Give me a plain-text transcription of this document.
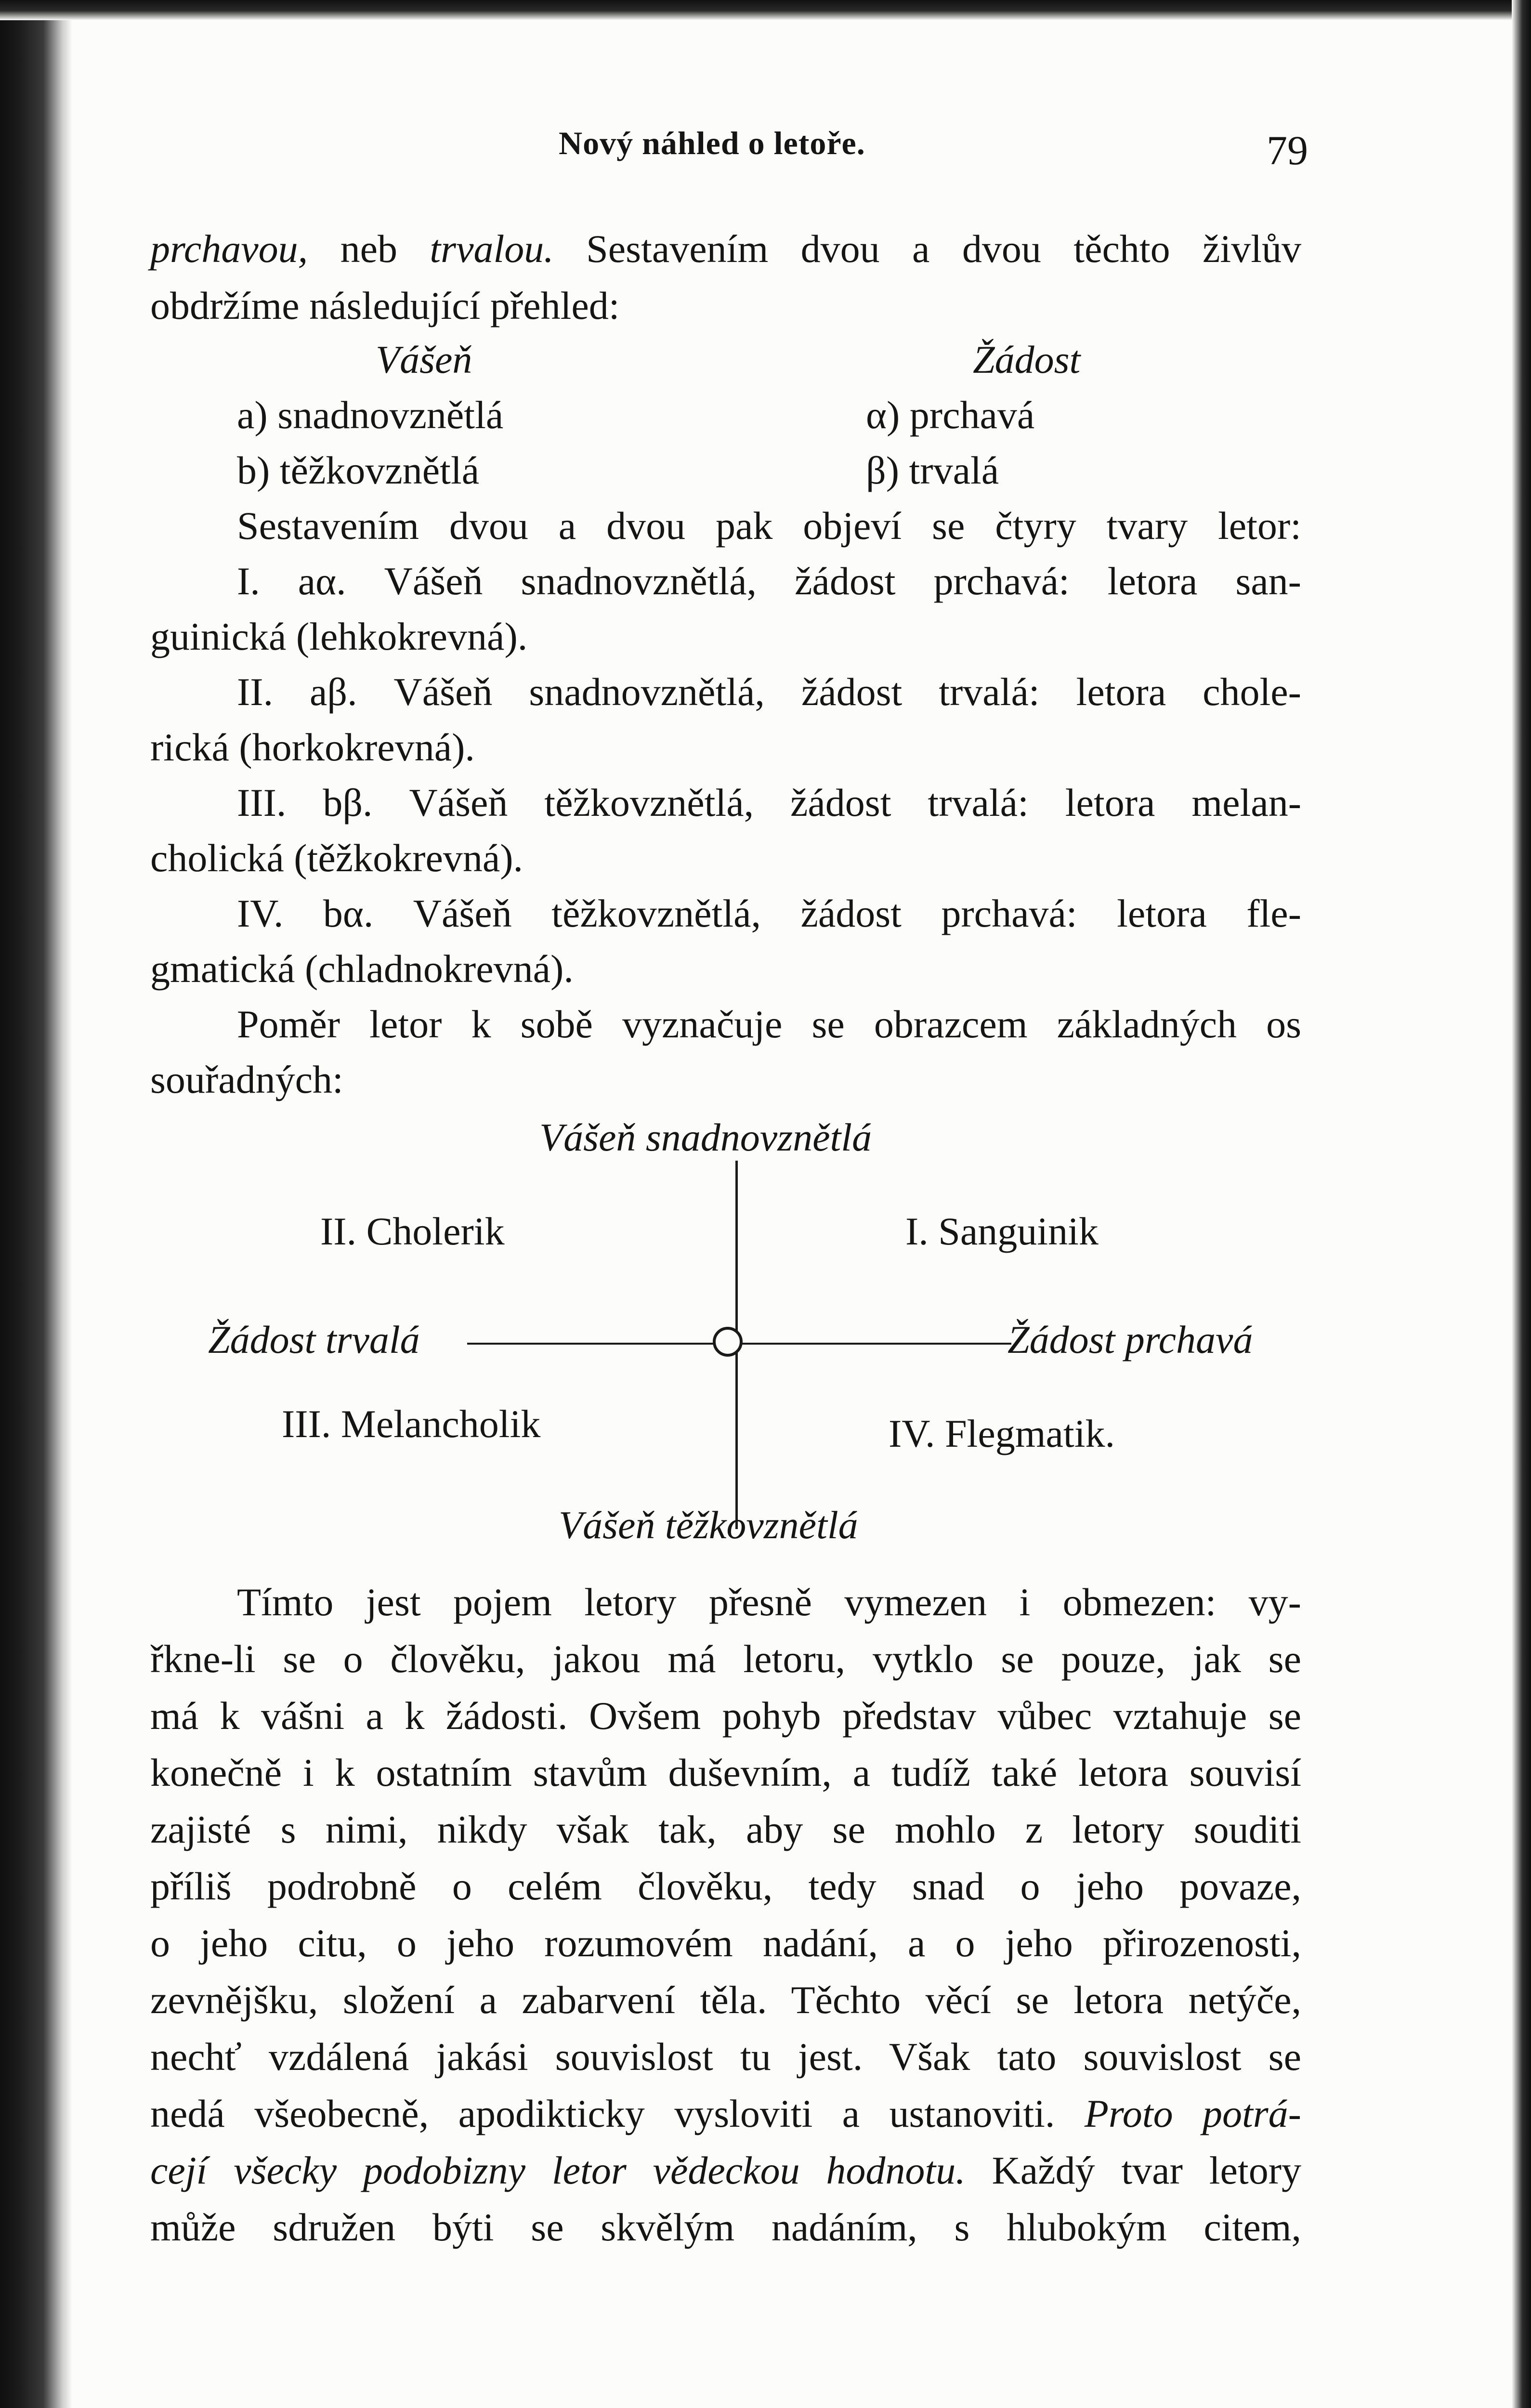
Nový náhled o letoře.	79
prchavou, neb trvalou. Sestavením dvou a dvou těchto živlův
obdržíme následující přehled:
Vášeň	Žádost
a) snadnovznětlá	α) prchavá
b) těžkovznětlá	β) trvalá
Sestavením dvou a dvou pak objeví se čtyry tvary letor:
I. aα. Vášeň snadnovznětlá, žádost prchavá: letora san-
guinická (lehkokrevná).
II. aβ. Vášeň snadnovznětlá, žádost trvalá: letora chole-
rická (horkokrevná).
III. bβ. Vášeň těžkovznětlá, žádost trvalá: letora melan-
cholická (těžkokrevná).
IV. bα. Vášeň těžkovznětlá, žádost prchavá: letora fle-
gmatická (chladnokrevná).
Poměr letor k sobě vyznačuje se obrazcem základných os
souřadných:
Vášeň snadnovznětlá
II. Cholerik	I. Sanguinik
Žádost trvalá	Žádost prchavá
III. Melancholik	IV. Flegmatik.
Vášeň těžkovznětlá
Tímto jest pojem letory přesně vymezen i obmezen: vy-
řkne-li se o člověku, jakou má letoru, vytklo se pouze, jak se
má k vášni a k žádosti. Ovšem pohyb představ vůbec vztahuje se
konečně i k ostatním stavům duševním, a tudíž také letora souvisí
zajisté s nimi, nikdy však tak, aby se mohlo z letory souditi
příliš podrobně o celém člověku, tedy snad o jeho povaze,
o jeho citu, o jeho rozumovém nadání, a o jeho přirozenosti,
zevnějšku, složení a zabarvení těla. Těchto věcí se letora netýče,
nechť vzdálená jakási souvislost tu jest. Však tato souvislost se
nedá všeobecně, apodikticky vysloviti a ustanoviti. Proto potrá-
cejí všecky podobizny letor vědeckou hodnotu. Každý tvar letory
může sdružen býti se skvělým nadáním, s hlubokým citem,
